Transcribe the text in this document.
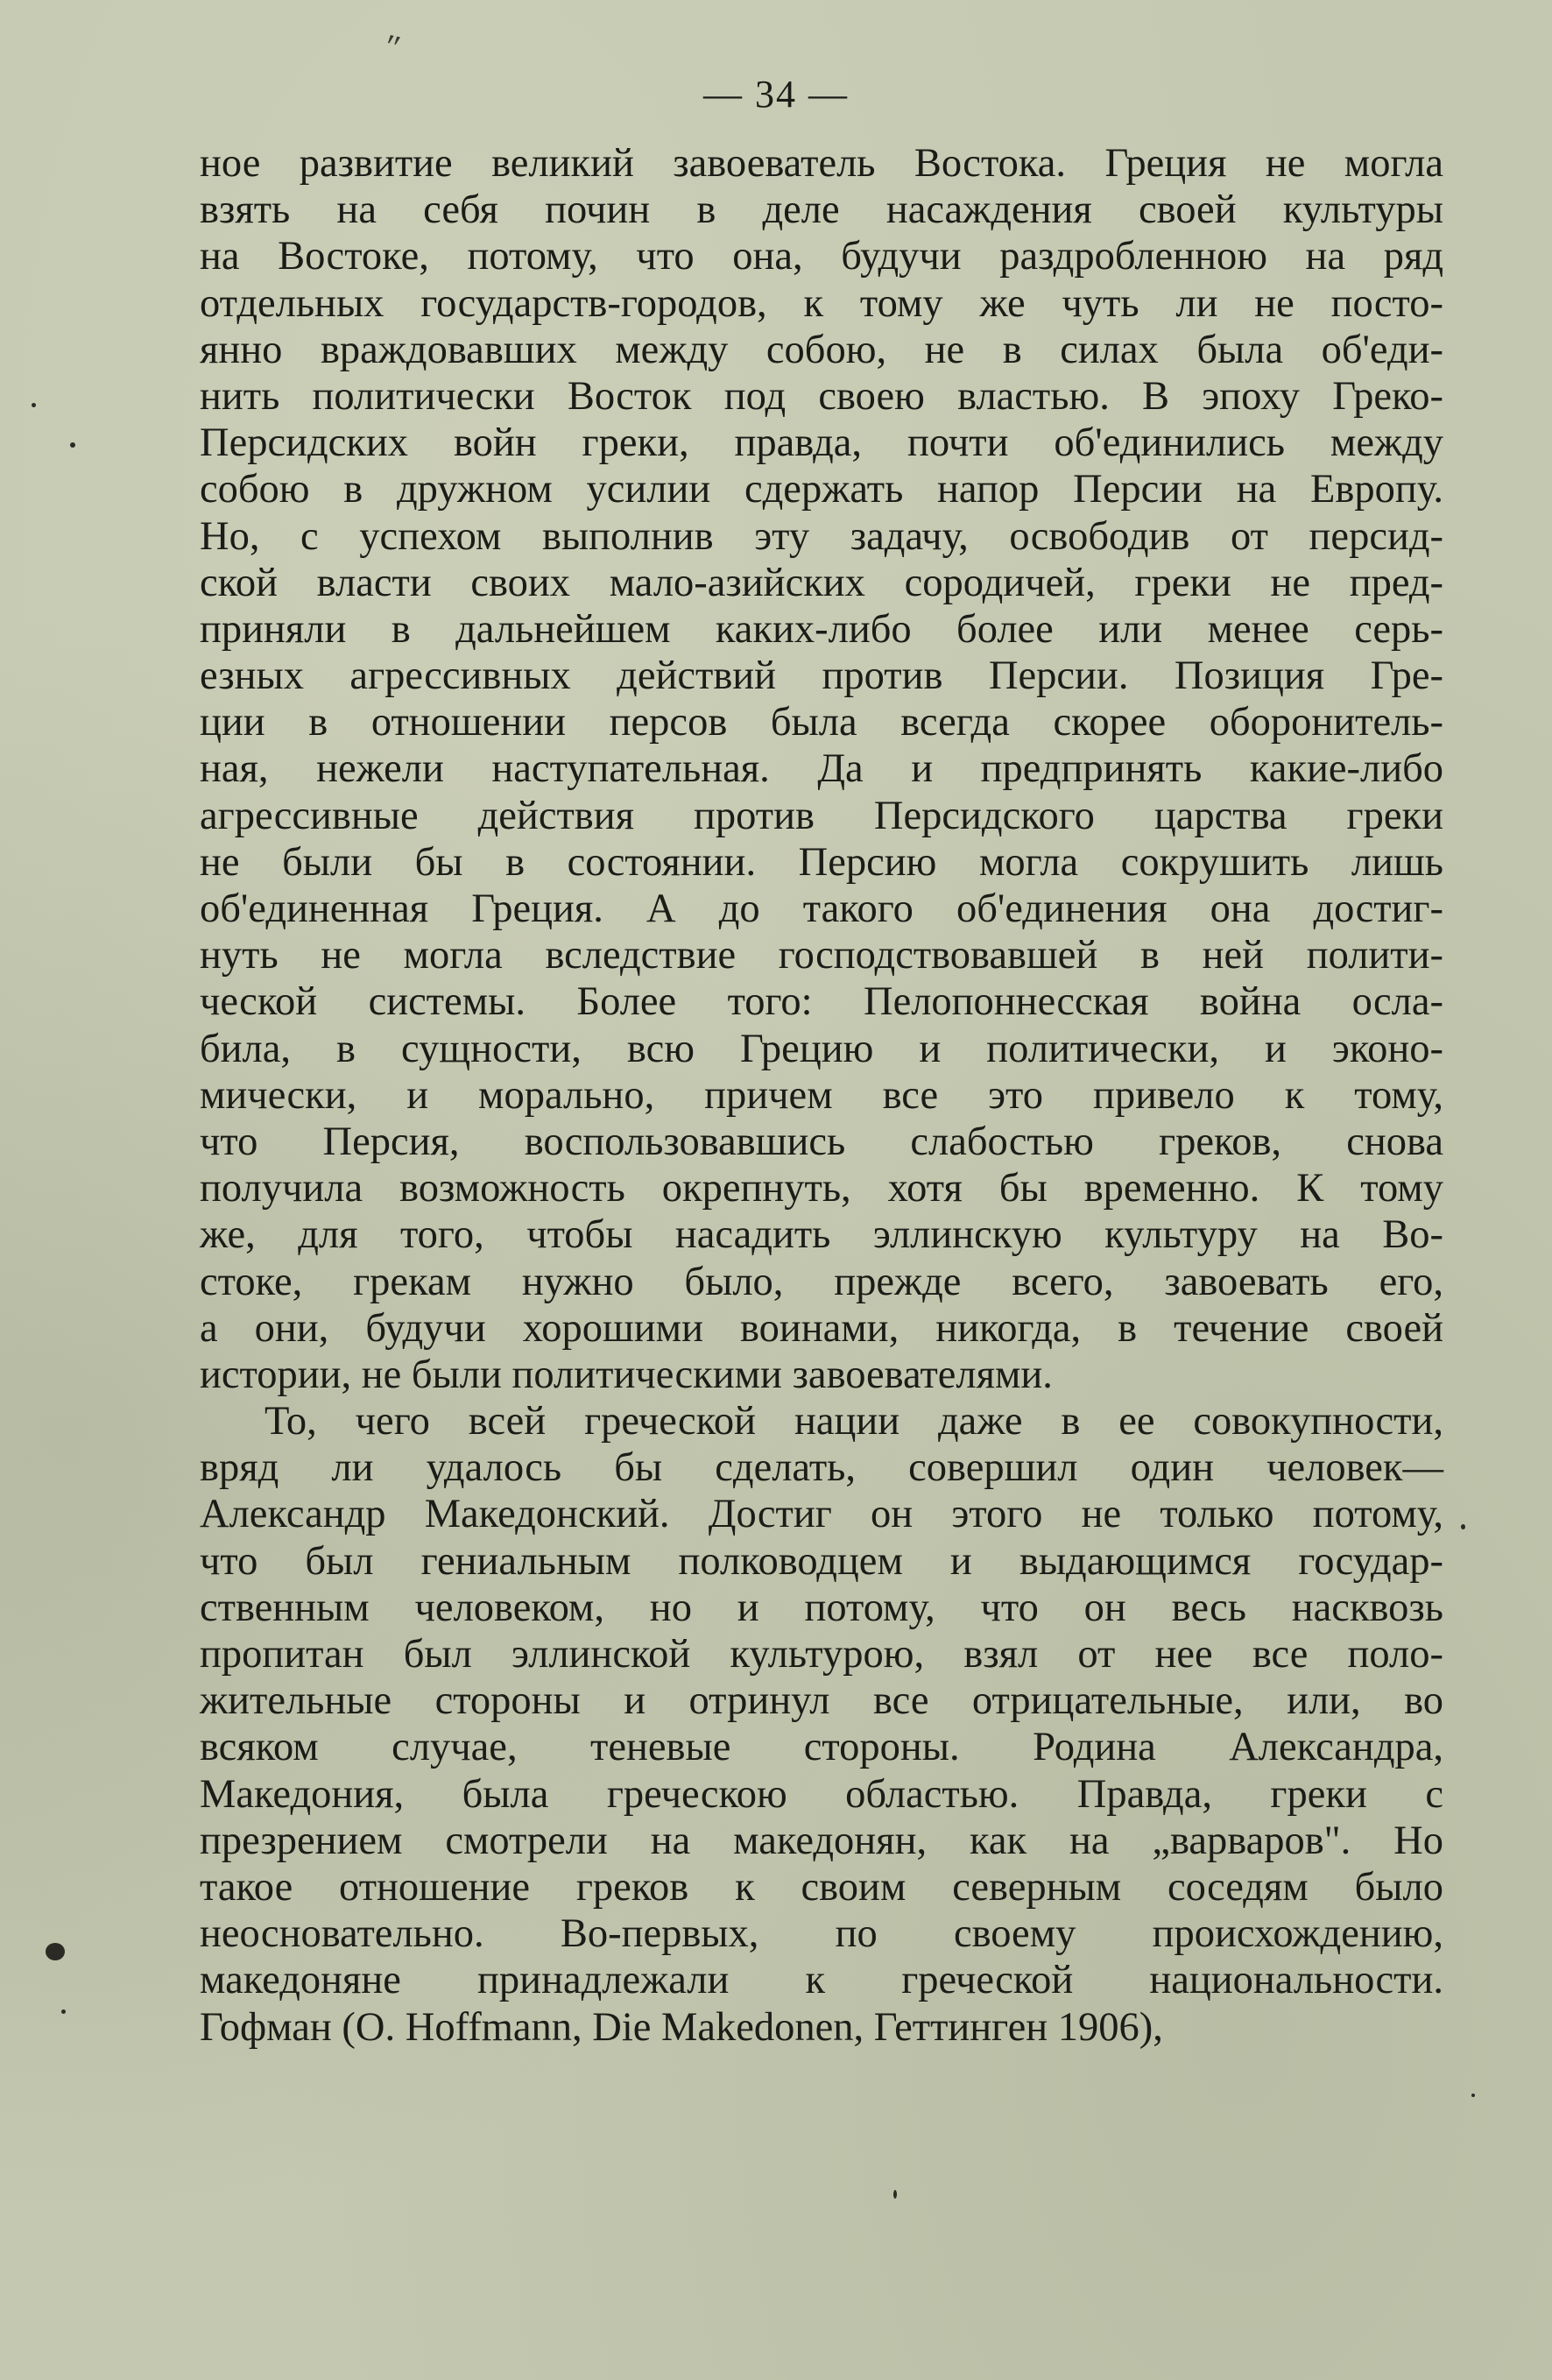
″
— 34 —
ное развитие великий завоеватель Востока. Греция не могла
взять на себя почин в деле насаждения своей культуры
на Востоке, потому, что она, будучи раздробленною на ряд
отдельных государств-городов, к тому же чуть ли не посто-
янно враждовавших между собою, не в силах была об'еди-
нить политически Восток под своею властью. В эпоху Греко-
Персидских войн греки, правда, почти об'единились между
собою в дружном усилии сдержать напор Персии на Европу.
Но, с успехом выполнив эту задачу, освободив от персид-
ской власти своих мало-азийских сородичей, греки не пред-
приняли в дальнейшем каких-либо более или менее серь-
езных агрессивных действий против Персии. Позиция Гре-
ции в отношении персов была всегда скорее оборонитель-
ная, нежели наступательная. Да и предпринять какие-либо
агрессивные действия против Персидского царства греки
не были бы в состоянии. Персию могла сокрушить лишь
об'единенная Греция. А до такого об'единения она достиг-
нуть не могла вследствие господствовавшей в ней полити-
ческой системы. Более того: Пелопоннесская война осла-
била, в сущности, всю Грецию и политически, и эконо-
мически, и морально, причем все это привело к тому,
что Персия, воспользовавшись слабостью греков, снова
получила возможность окрепнуть, хотя бы временно. К тому
же, для того, чтобы насадить эллинскую культуру на Во-
стоке, грекам нужно было, прежде всего, завоевать его,
а они, будучи хорошими воинами, никогда, в течение своей
истории, не были политическими завоевателями.
То, чего всей греческой нации даже в ее совокупности,
вряд ли удалось бы сделать, совершил один человек—
Александр Македонский. Достиг он этого не только потому,
что был гениальным полководцем и выдающимся государ-
ственным человеком, но и потому, что он весь насквозь
пропитан был эллинской культурою, взял от нее все поло-
жительные стороны и отринул все отрицательные, или, во
всяком случае, теневые стороны. Родина Александра,
Македония, была греческою областью. Правда, греки с
презрением смотрели на македонян, как на „варваров". Но
такое отношение греков к своим северным соседям было
неосновательно. Во-первых, по своему происхождению,
македоняне принадлежали к греческой национальности.
Гофман (O. Hoffmann, Die Makedonen, Геттинген 1906),
